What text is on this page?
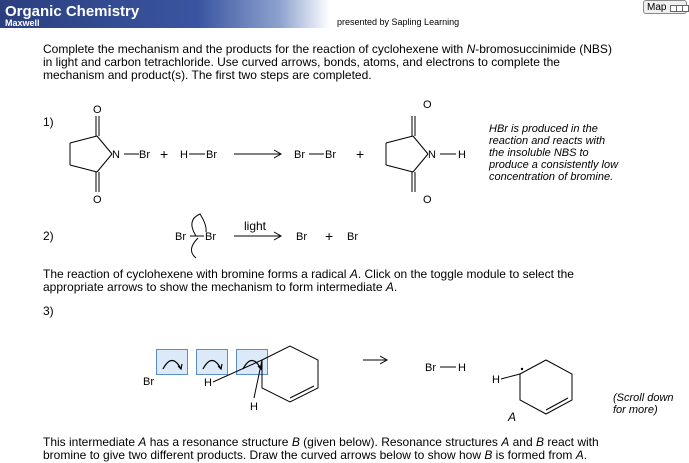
Organic Chemistry
Maxwell	presented by Sapling Learning
Map
Complete the mechanism and the products for the reaction of cyclohexene with N-bromosuccinimide (NBS)
in light and carbon tetrachloride. Use curved arrows, bonds, atoms, and electrons to complete the
mechanism and product(s). The first two steps are completed.
1)
2)
3)
HBr is produced in the
reaction and reacts with
the insoluble NBS to
produce a consistently low
concentration of bromine.
The reaction of cyclohexene with bromine forms a radical A. Click on the toggle module to select the
appropriate arrows to show the mechanism to form intermediate A.
(Scroll down
for more)
This intermediate A has a resonance structure B (given below). Resonance structures A and B react with
bromine to give two different products. Draw the curved arrows below to show how B is formed from A.
O
O
N Br + H Br	Br Br +
O
O
N H
Br Br
light
Br + Br
Br	H
H
Br H
H
A
